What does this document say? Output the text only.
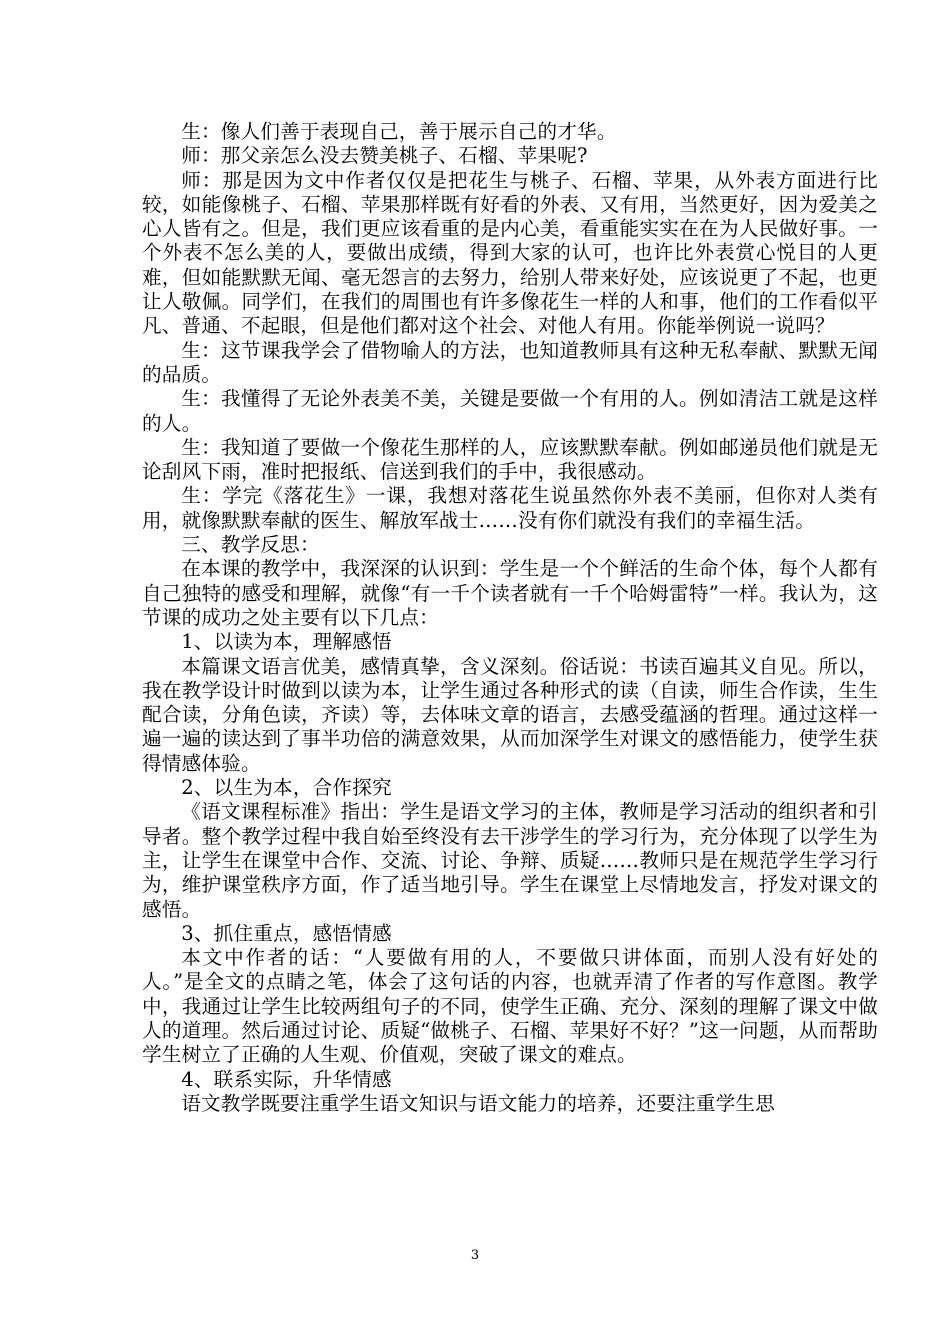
生：像人们善于表现自己，善于展示自己的才华。

师：那父亲怎么没去赞美桃子、石榴、苹果呢?

师：那是因为文中作者仅仅是把花生与桃子、石榴、苹果，从外表方面进行比较，如能像桃子、石榴、苹果那样既有好看的外表、又有用，当然更好，因为爱美之心人皆有之。但是，我们更应该看重的是内心美，看重能实实在在为人民做好事。一个外表不怎么美的人，要做出成绩，得到大家的认可，也许比外表赏心悦目的人更难，但如能默默无闻、毫无怨言的去努力，给别人带来好处，应该说更了不起，也更让人敬佩。同学们，在我们的周围也有许多像花生一样的人和事，他们的工作看似平凡、普通、不起眼，但是他们都对这个社会、对他人有用。你能举例说一说吗？

生：这节课我学会了借物喻人的方法，也知道教师具有这种无私奉献、默默无闻的品质。

生：我懂得了无论外表美不美，关键是要做一个有用的人。例如清洁工就是这样的人。

生：我知道了要做一个像花生那样的人，应该默默奉献。例如邮递员他们就是无论刮风下雨，准时把报纸、信送到我们的手中，我很感动。

生：学完《落花生》一课，我想对落花生说虽然你外表不美丽，但你对人类有用，就像默默奉献的医生、解放军战士……没有你们就没有我们的幸福生活。

三、教学反思：

在本课的教学中，我深深的认识到：学生是一个个鲜活的生命个体，每个人都有自己独特的感受和理解，就像“有一千个读者就有一千个哈姆雷特”一样。我认为，这节课的成功之处主要有以下几点：

1、以读为本，理解感悟

本篇课文语言优美，感情真挚，含义深刻。俗话说：书读百遍其义自见。所以，我在教学设计时做到以读为本，让学生通过各种形式的读（自读，师生合作读，生生配合读，分角色读，齐读）等，去体味文章的语言，去感受蕴涵的哲理。通过这样一遍一遍的读达到了事半功倍的满意效果，从而加深学生对课文的感悟能力，使学生获得情感体验。

2、以生为本，合作探究

《语文课程标准》指出：学生是语文学习的主体，教师是学习活动的组织者和引导者。整个教学过程中我自始至终没有去干涉学生的学习行为，充分体现了以学生为主，让学生在课堂中合作、交流、讨论、争辩、质疑……教师只是在规范学生学习行为，维护课堂秩序方面，作了适当地引导。学生在课堂上尽情地发言，抒发对课文的感悟。

3、抓住重点，感悟情感

本文中作者的话：“人要做有用的人，不要做只讲体面，而别人没有好处的人。”是全文的点睛之笔，体会了这句话的内容，也就弄清了作者的写作意图。教学中，我通过让学生比较两组句子的不同，使学生正确、充分、深刻的理解了课文中做人的道理。然后通过讨论、质疑“做桃子、石榴、苹果好不好？”这一问题，从而帮助学生树立了正确的人生观、价值观，突破了课文的难点。

4、联系实际，升华情感

语文教学既要注重学生语文知识与语文能力的培养，还要注重学生思

3
